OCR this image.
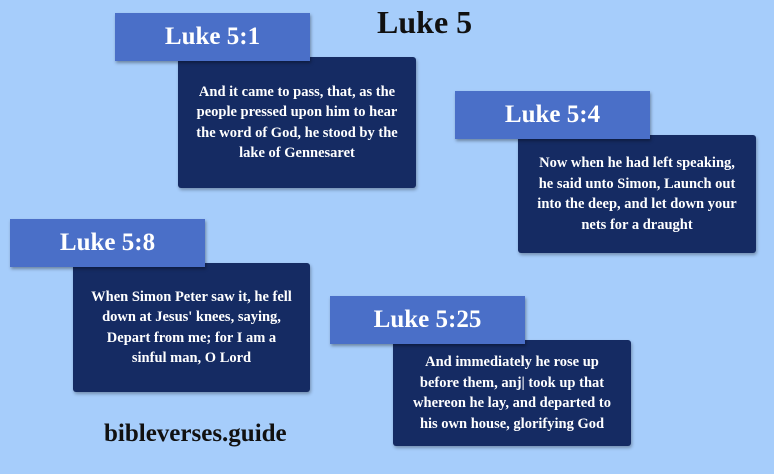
Luke 5
And it came to pass, that, as the people pressed upon him to hear the word of God, he stood by the lake of Gennesaret
Luke 5:1
Now when he had left speaking, he said unto Simon, Launch out into the deep, and let down your nets for a draught
Luke 5:4
When Simon Peter saw it, he fell down at Jesus' knees, saying, Depart from me; for I am a sinful man, O Lord
Luke 5:8
And immediately he rose up before them, anj| took up that whereon he lay, and departed to his own house, glorifying God
Luke 5:25
bibleverses.guide
